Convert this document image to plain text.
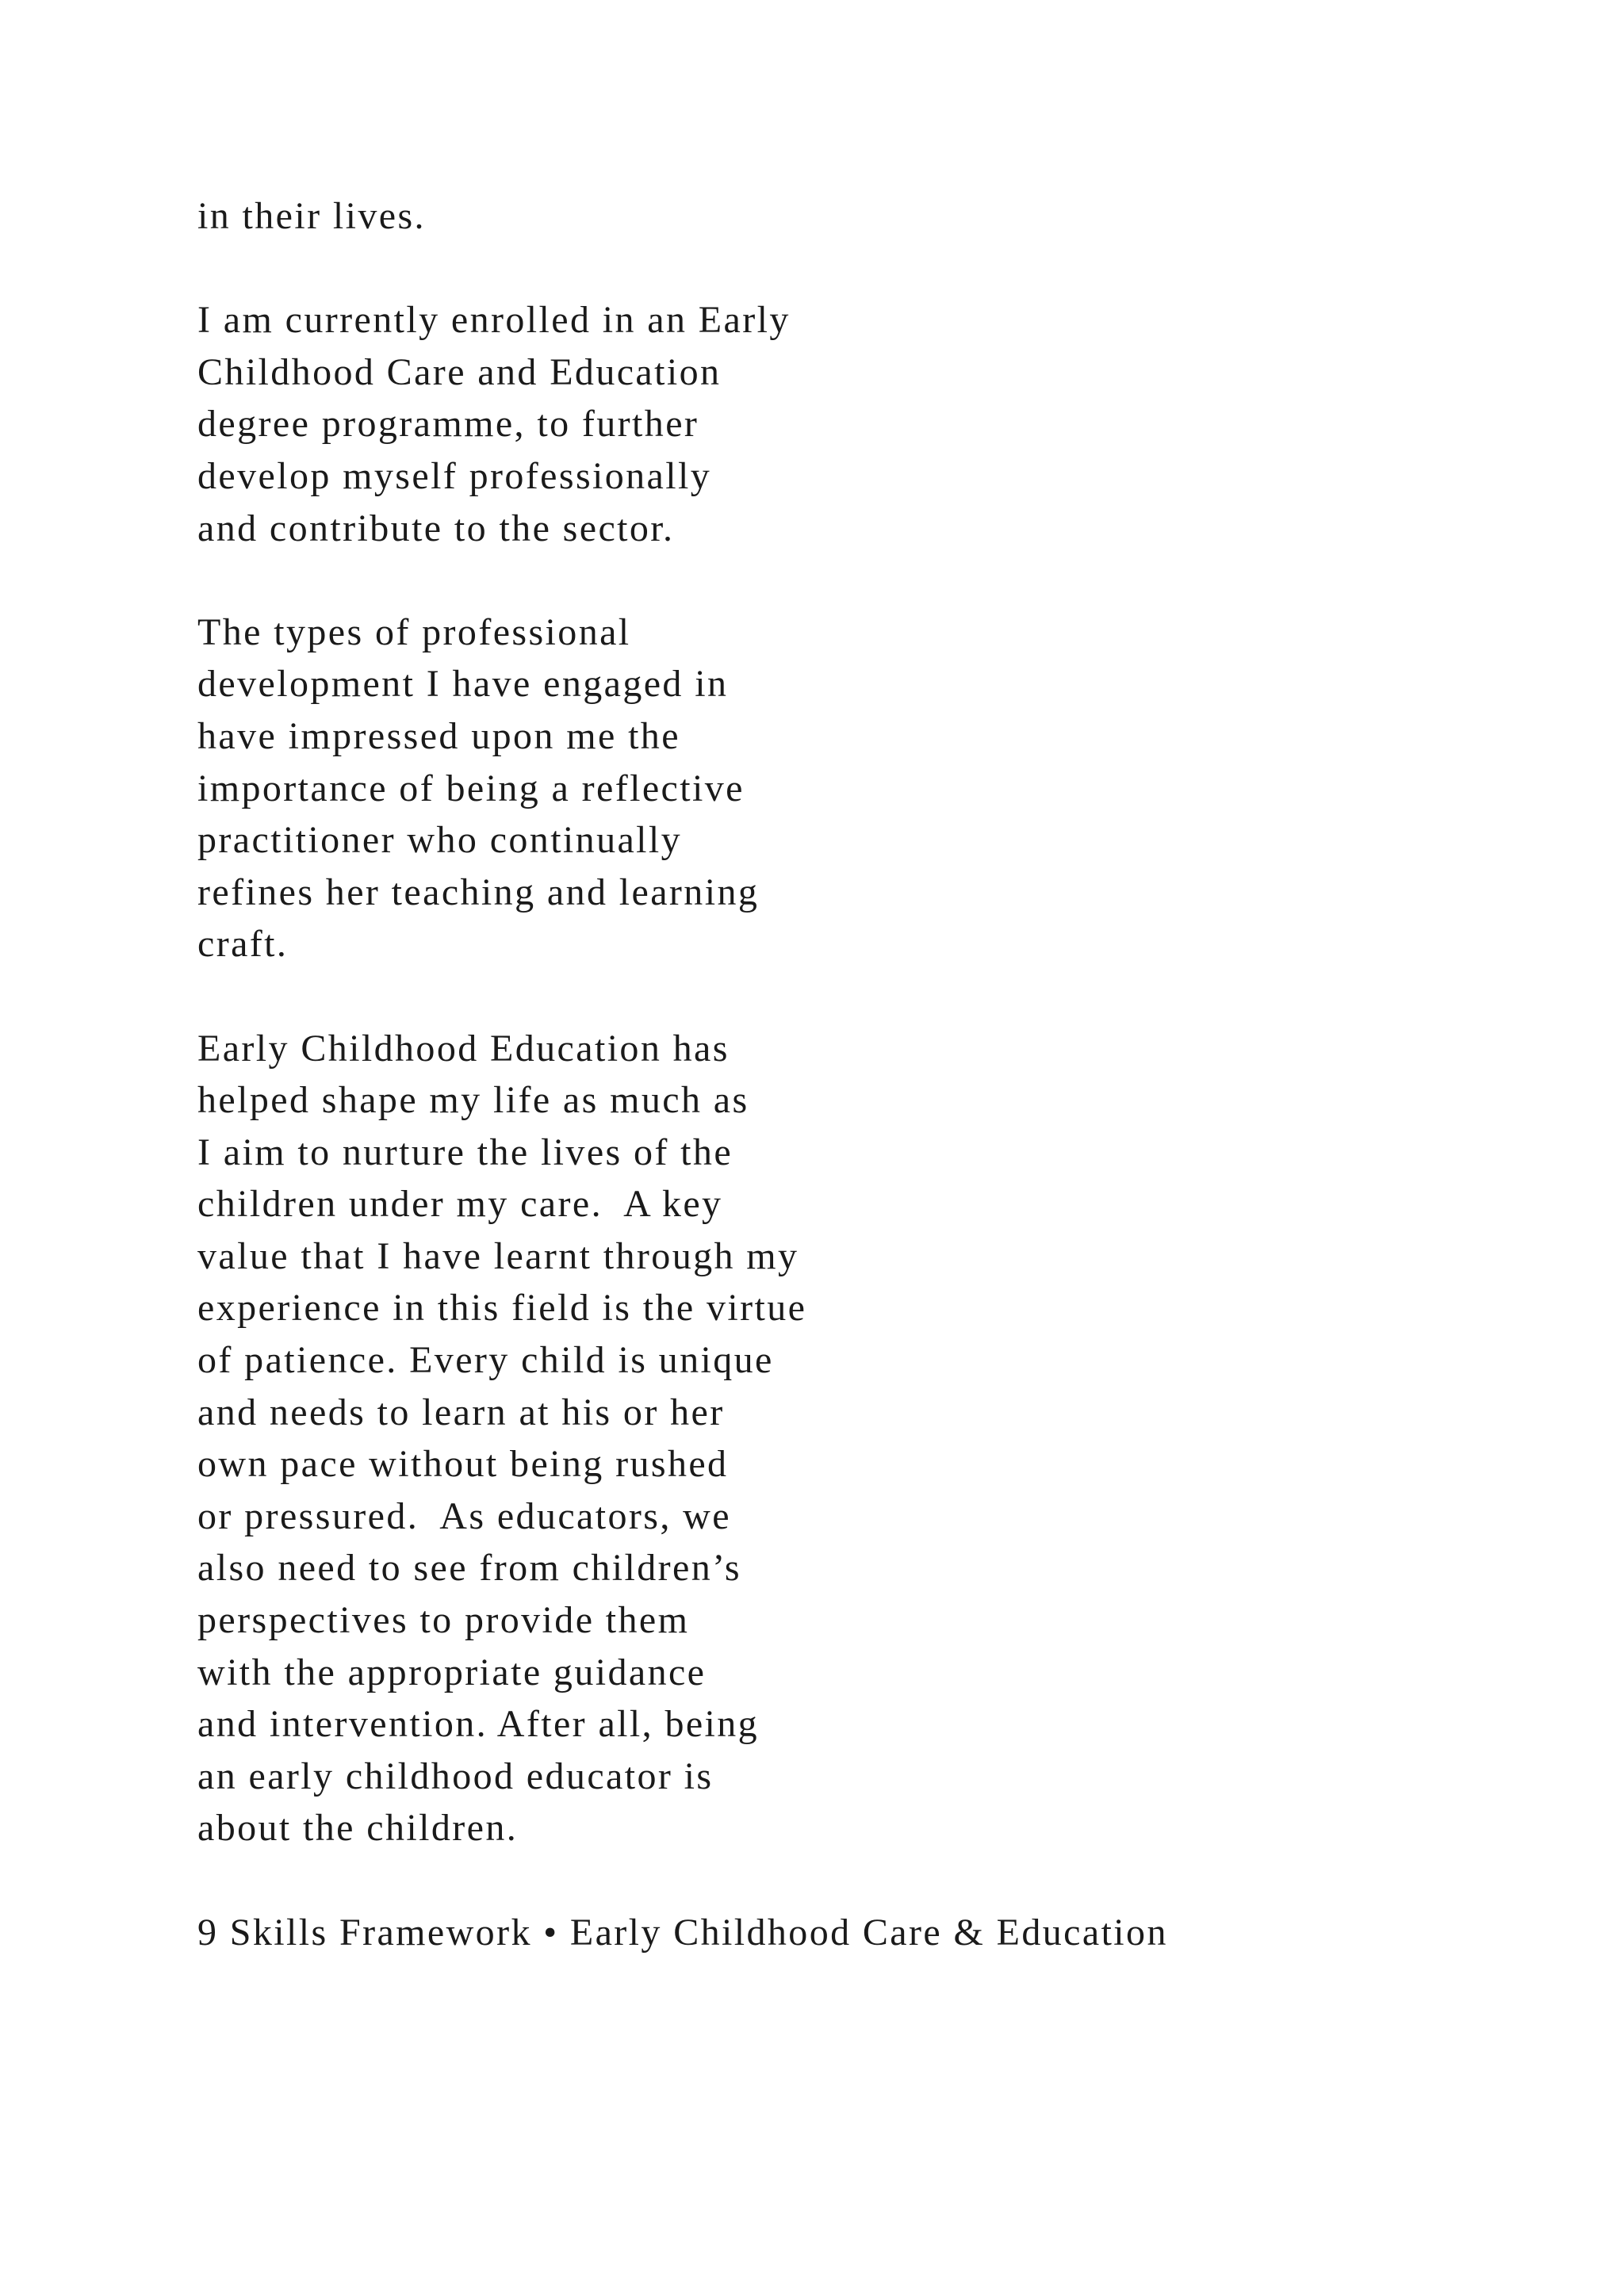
in their lives.
I am currently enrolled in an Early
Childhood Care and Education
degree programme, to further
develop myself professionally
and contribute to the sector.
The types of professional
development I have engaged in
have impressed upon me the
importance of being a reflective
practitioner who continually
refines her teaching and learning
craft.
Early Childhood Education has
helped shape my life as much as
I aim to nurture the lives of the
children under my care.  A key
value that I have learnt through my
experience in this field is the virtue
of patience. Every child is unique
and needs to learn at his or her
own pace without being rushed
or pressured.  As educators, we
also need to see from children’s
perspectives to provide them
with the appropriate guidance
and intervention. After all, being
an early childhood educator is
about the children.
9 Skills Framework • Early Childhood Care & Education
